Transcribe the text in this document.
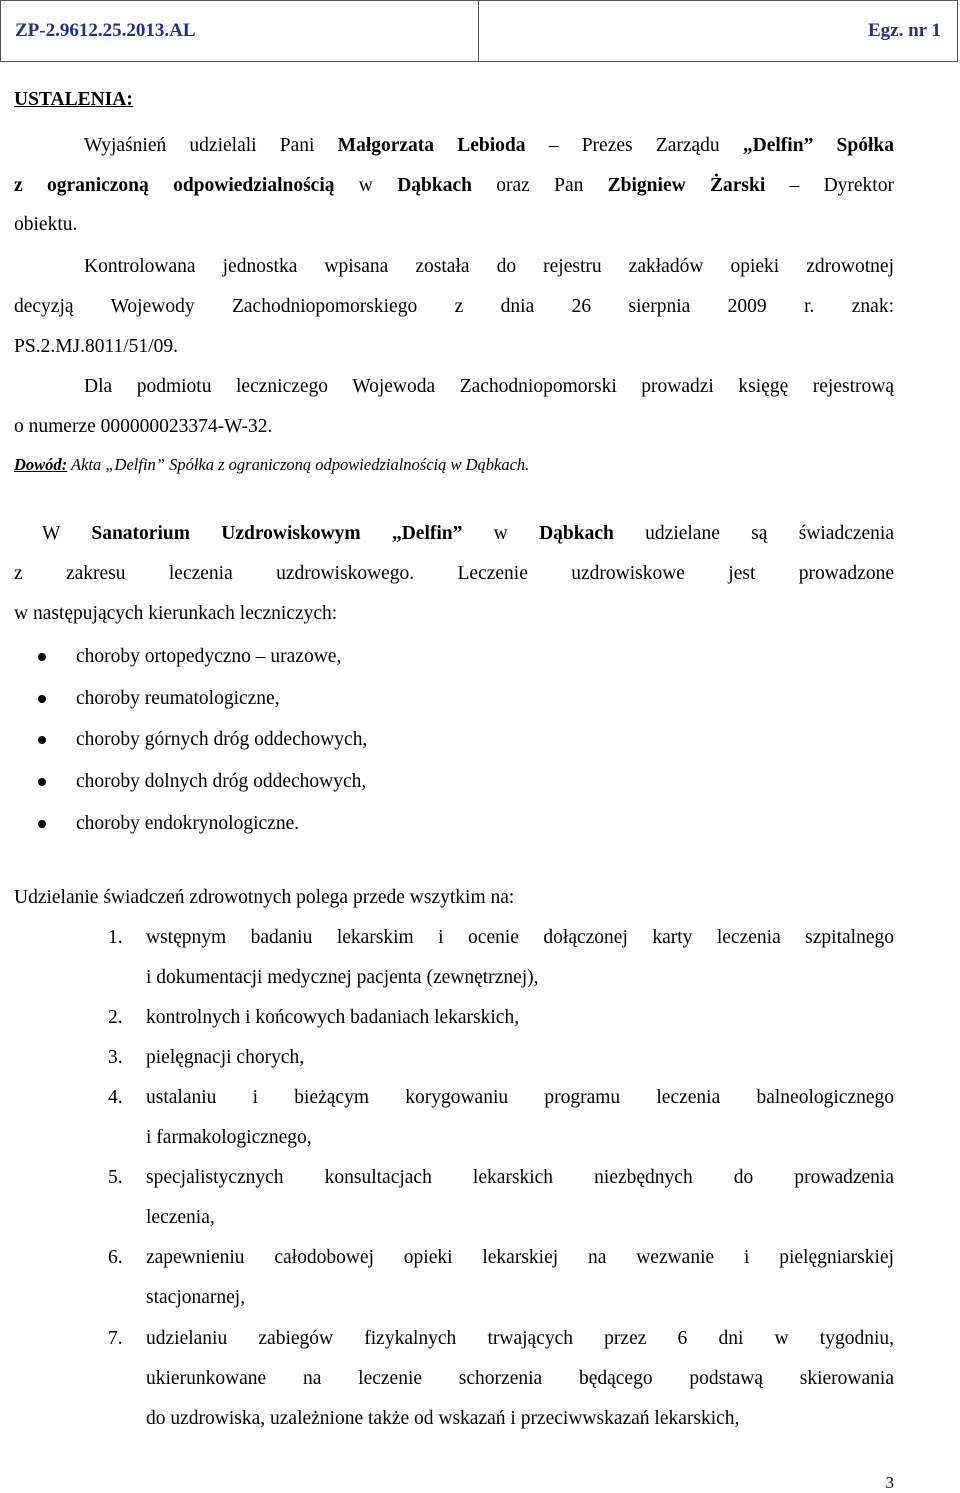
ZP-2.9612.25.2013.AL	Egz. nr 1
USTALENIA:
Wyjaśnień udzielali Pani Małgorzata Lebioda – Prezes Zarządu „Delfin” Spółka
z ograniczoną odpowiedzialnością w Dąbkach oraz Pan Zbigniew Żarski – Dyrektor
obiektu.
Kontrolowana jednostka wpisana została do rejestru zakładów opieki zdrowotnej
decyzją Wojewody Zachodniopomorskiego z dnia 26 sierpnia 2009 r. znak:
PS.2.MJ.8011/51/09.
Dla podmiotu leczniczego Wojewoda Zachodniopomorski prowadzi księgę rejestrową
o numerze 000000023374-W-32.
Dowód: Akta „Delfin” Spółka z ograniczoną odpowiedzialnością w Dąbkach.
W Sanatorium Uzdrowiskowym „Delfin” w Dąbkach udzielane są świadczenia
z zakresu leczenia uzdrowiskowego. Leczenie uzdrowiskowe jest prowadzone
w następujących kierunkach leczniczych:
choroby ortopedyczno – urazowe,
choroby reumatologiczne,
choroby górnych dróg oddechowych,
choroby dolnych dróg oddechowych,
choroby endokrynologiczne.
Udzielanie świadczeń zdrowotnych polega przede wszytkim na:
1.	wstępnym badaniu lekarskim i ocenie dołączonej karty leczenia szpitalnego
i dokumentacji medycznej pacjenta (zewnętrznej),
2.	kontrolnych i końcowych badaniach lekarskich,
3.	pielęgnacji chorych,
4.	ustalaniu i bieżącym korygowaniu programu leczenia balneologicznego
i farmakologicznego,
5.	specjalistycznych konsultacjach lekarskich niezbędnych do prowadzenia
leczenia,
6.	zapewnieniu całodobowej opieki lekarskiej na wezwanie i pielęgniarskiej
stacjonarnej,
7.	udzielaniu zabiegów fizykalnych trwających przez 6 dni w tygodniu,
ukierunkowane na leczenie schorzenia będącego podstawą skierowania
do uzdrowiska, uzależnione także od wskazań i przeciwwskazań lekarskich,
3
